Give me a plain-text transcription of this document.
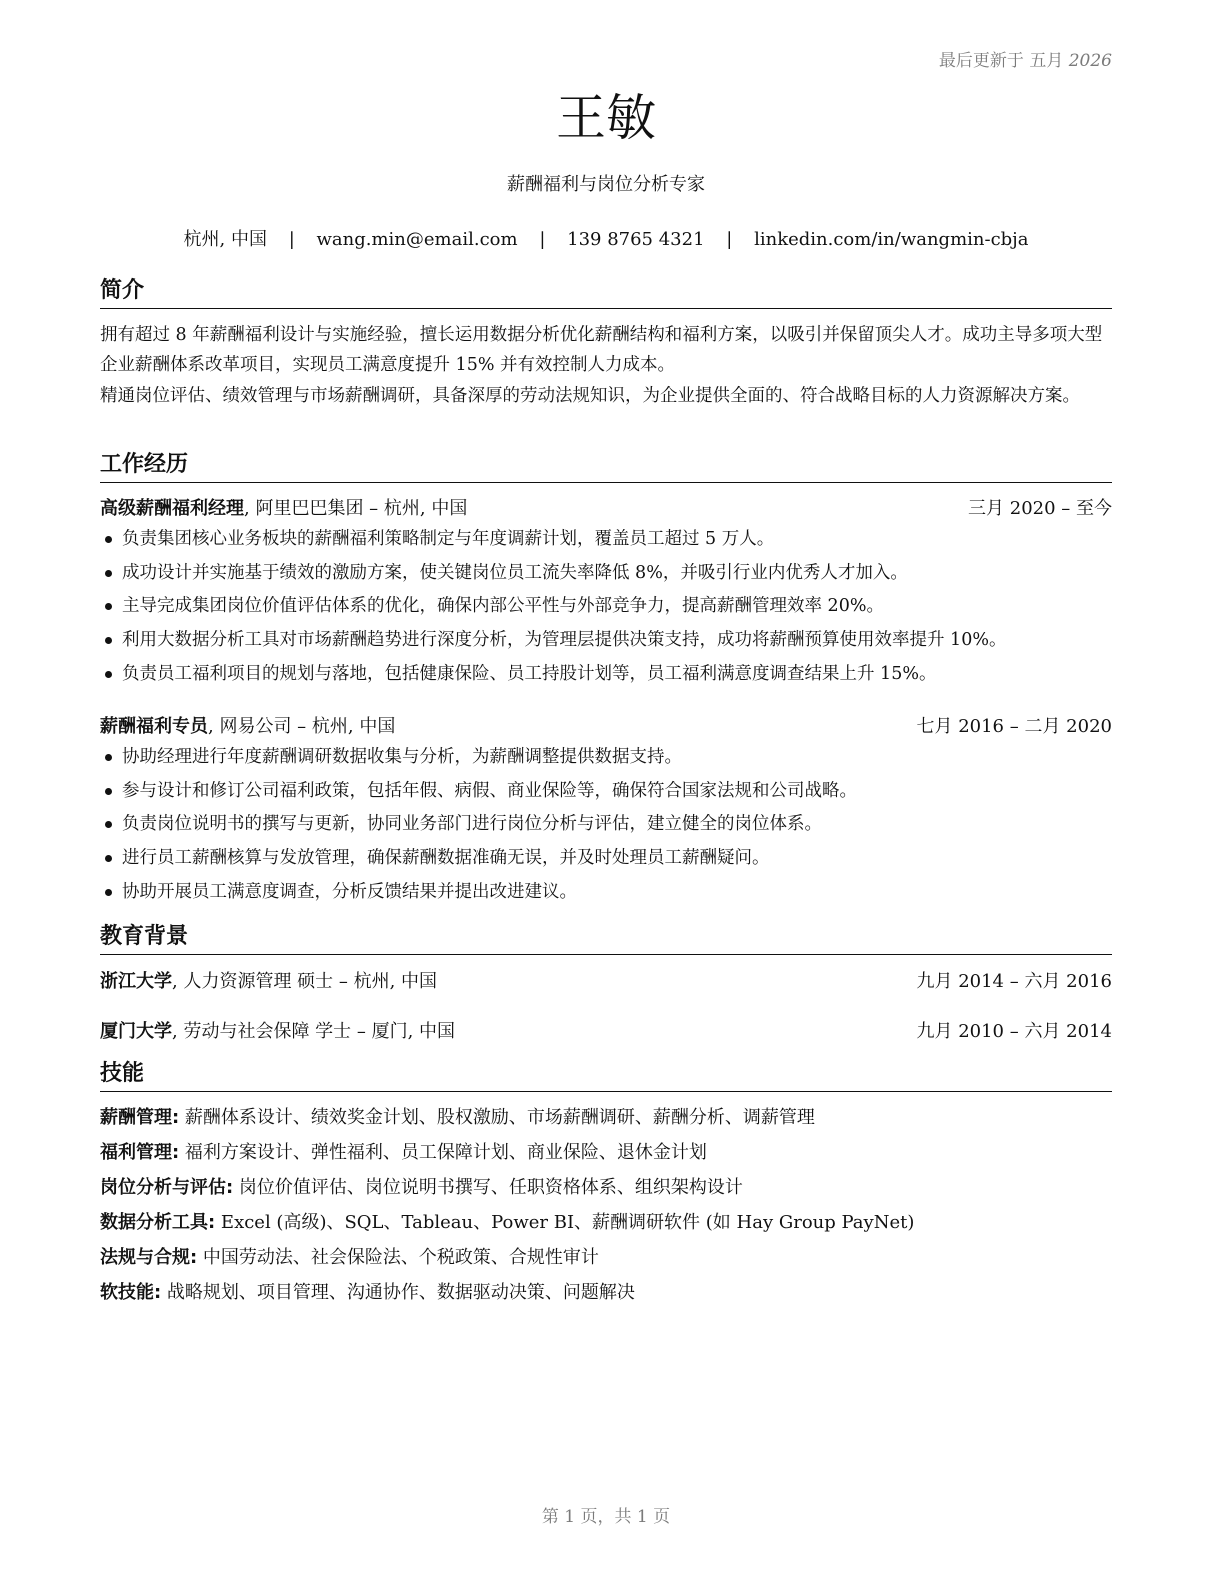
最后更新于 五月 2026
王敏
薪酬福利与岗位分析专家
杭州, 中国 | wang.min@email.com | 139 8765 4321 | linkedin.com/in/wangmin-cbja
简介
拥有超过 8 年薪酬福利设计与实施经验，擅长运用数据分析优化薪酬结构和福利方案，以吸引并保留顶尖人才。成功主导多项大型企业薪酬体系改革项目，实现员工满意度提升 15% 并有效控制人力成本。
精通岗位评估、绩效管理与市场薪酬调研，具备深厚的劳动法规知识，为企业提供全面的、符合战略目标的人力资源解决方案。
工作经历
高级薪酬福利经理, 阿里巴巴集团 – 杭州, 中国	三月 2020 – 至今
负责集团核心业务板块的薪酬福利策略制定与年度调薪计划，覆盖员工超过 5 万人。
成功设计并实施基于绩效的激励方案，使关键岗位员工流失率降低 8%，并吸引行业内优秀人才加入。
主导完成集团岗位价值评估体系的优化，确保内部公平性与外部竞争力，提高薪酬管理效率 20%。
利用大数据分析工具对市场薪酬趋势进行深度分析，为管理层提供决策支持，成功将薪酬预算使用效率提升 10%。
负责员工福利项目的规划与落地，包括健康保险、员工持股计划等，员工福利满意度调查结果上升 15%。
薪酬福利专员, 网易公司 – 杭州, 中国	七月 2016 – 二月 2020
协助经理进行年度薪酬调研数据收集与分析，为薪酬调整提供数据支持。
参与设计和修订公司福利政策，包括年假、病假、商业保险等，确保符合国家法规和公司战略。
负责岗位说明书的撰写与更新，协同业务部门进行岗位分析与评估，建立健全的岗位体系。
进行员工薪酬核算与发放管理，确保薪酬数据准确无误，并及时处理员工薪酬疑问。
协助开展员工满意度调查，分析反馈结果并提出改进建议。
教育背景
浙江大学, 人力资源管理 硕士 – 杭州, 中国	九月 2014 – 六月 2016
厦门大学, 劳动与社会保障 学士 – 厦门, 中国	九月 2010 – 六月 2014
技能
薪酬管理: 薪酬体系设计、绩效奖金计划、股权激励、市场薪酬调研、薪酬分析、调薪管理
福利管理: 福利方案设计、弹性福利、员工保障计划、商业保险、退休金计划
岗位分析与评估: 岗位价值评估、岗位说明书撰写、任职资格体系、组织架构设计
数据分析工具: Excel (高级)、SQL、Tableau、Power BI、薪酬调研软件 (如 Hay Group PayNet)
法规与合规: 中国劳动法、社会保险法、个税政策、合规性审计
软技能: 战略规划、项目管理、沟通协作、数据驱动决策、问题解决
第 1 页，共 1 页
